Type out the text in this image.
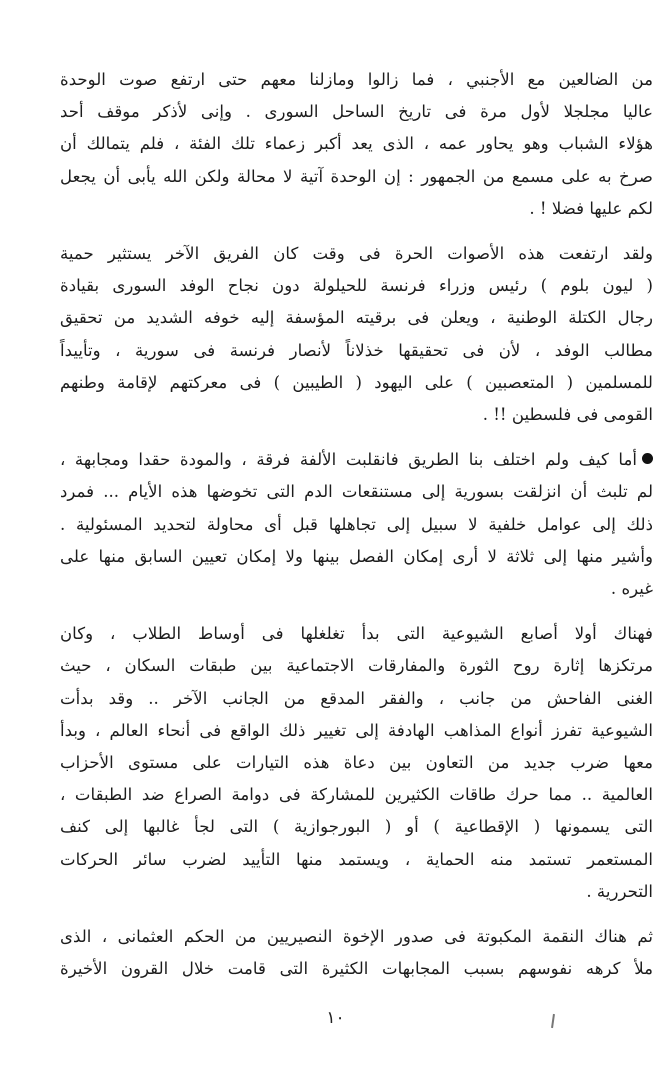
من الضالعين مع الأجنبي ، فما زالوا ومازلنا معهم حتى ارتفع صوت الوحدة
عاليا مجلجلا لأول مرة فى تاريخ الساحل السورى . وإنى لأذكر موقف أحد
هؤلاء الشباب وهو يحاور عمه ، الذى يعد أكبر زعماء تلك الفئة ، فلم يتمالك أن
صرخ به على مسمع من الجمهور : إن الوحدة آتية لا محالة ولكن الله يأبى أن يجعل
لكم عليها فضلا ! .
ولقد ارتفعت هذه الأصوات الحرة فى وقت كان الفريق الآخر يستثير حمية
( ليون بلوم ) رئيس وزراء فرنسة للحيلولة دون نجاح الوفد السورى بقيادة
رجال الكتلة الوطنية ، ويعلن فى برقيته المؤسفة إليه خوفه الشديد من تحقيق
مطالب الوفد ، لأن فى تحقيقها خذلاناً لأنصار فرنسة فى سورية ، وتأييداً
للمسلمين ( المتعصبين ) على اليهود ( الطيبين ) فى معركتهم لإقامة وطنهم
القومى فى فلسطين !! .
أما كيف ولم اختلف بنا الطريق فانقلبت الألفة فرقة ، والمودة حقدا ومجابهة ،
لم تلبث أن انزلقت بسورية إلى مستنقعات الدم التى تخوضها هذه الأيام ... فمرد
ذلك إلى عوامل خلفية لا سبيل إلى تجاهلها قبل أى محاولة لتحديد المسئولية .
وأشير منها إلى ثلاثة لا أرى إمكان الفصل بينها ولا إمكان تعيين السابق منها على
غيره .
فهناك أولا أصابع الشيوعية التى بدأ تغلغلها فى أوساط الطلاب ، وكان
مرتكزها إثارة روح الثورة والمفارقات الاجتماعية بين طبقات السكان ، حيث
الغنى الفاحش من جانب ، والفقر المدقع من الجانب الآخر .. وقد بدأت
الشيوعية تفرز أنواع المذاهب الهادفة إلى تغيير ذلك الواقع فى أنحاء العالم ، وبدأ
معها ضرب جديد من التعاون بين دعاة هذه التيارات على مستوى الأحزاب
العالمية .. مما حرك طاقات الكثيرين للمشاركة فى دوامة الصراع ضد الطبقات ،
التى يسمونها ( الإقطاعية ) أو ( البورجوازية ) التى لجأ غالبها إلى كنف
المستعمر تستمد منه الحماية ، ويستمد منها التأييد لضرب سائر الحركات
التحررية .
ثم هناك النقمة المكبوتة فى صدور الإخوة النصيريين من الحكم العثمانى ، الذى
ملأ كرهه نفوسهم بسبب المجابهات الكثيرة التى قامت خلال القرون الأخيرة
١٠
